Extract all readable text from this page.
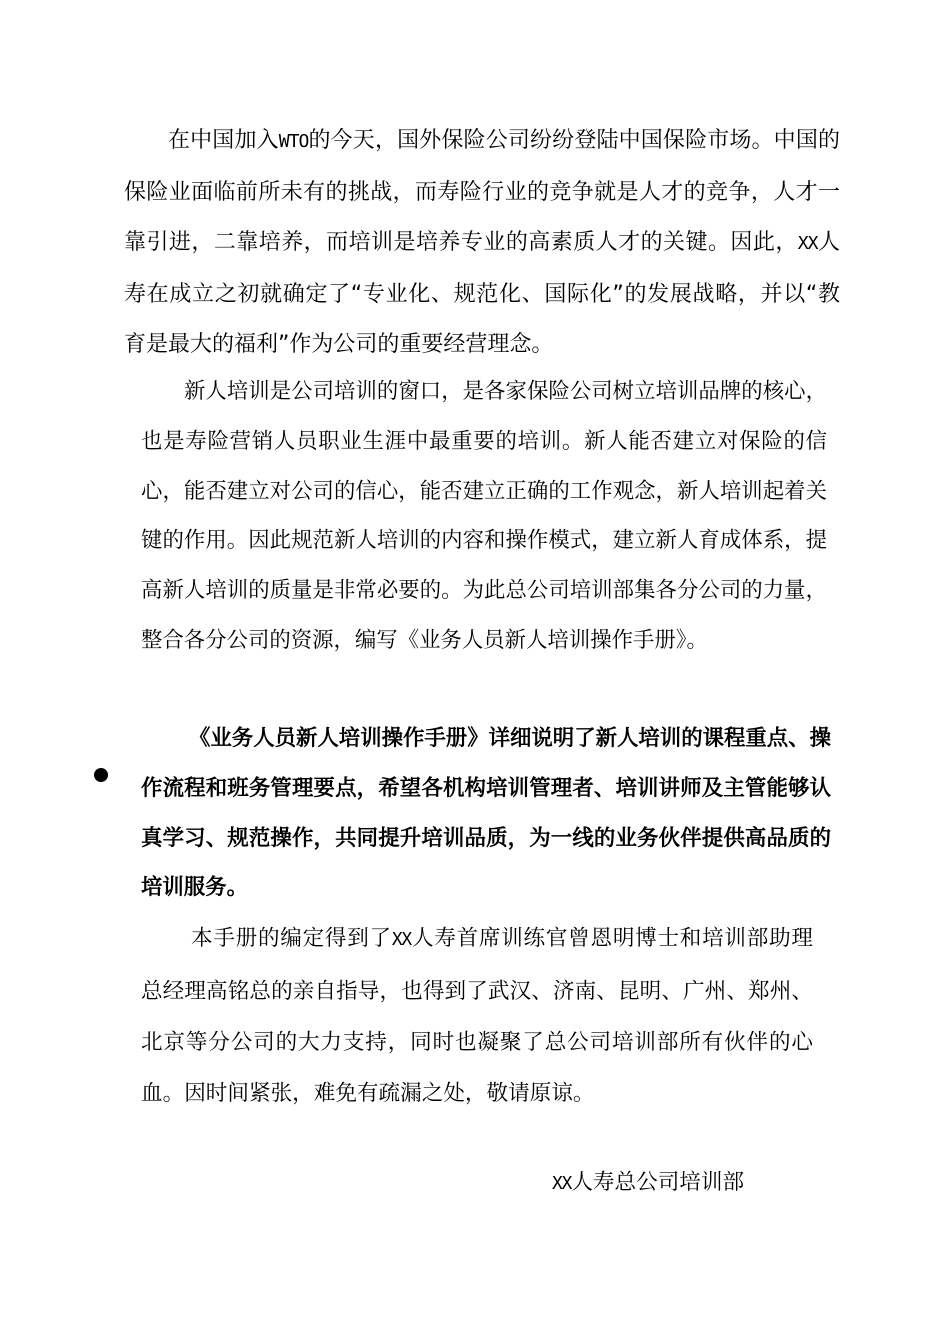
在中国加入WTO的今天，国外保险公司纷纷登陆中国保险市场。中国的保险业面临前所未有的挑战，而寿险行业的竞争就是人才的竞争，人才一靠引进，二靠培养，而培训是培养专业的高素质人才的关键。因此，XX人寿在成立之初就确定了“专业化、规范化、国际化”的发展战略，并以“教育是最大的福利”作为公司的重要经营理念。

新人培训是公司培训的窗口，是各家保险公司树立培训品牌的核心，也是寿险营销人员职业生涯中最重要的培训。新人能否建立对保险的信心，能否建立对公司的信心，能否建立正确的工作观念，新人培训起着关键的作用。因此规范新人培训的内容和操作模式，建立新人育成体系，提高新人培训的质量是非常必要的。为此总公司培训部集各分公司的力量，整合各分公司的资源，编写《业务人员新人培训操作手册》。

《业务人员新人培训操作手册》详细说明了新人培训的课程重点、操作流程和班务管理要点，希望各机构培训管理者、培训讲师及主管能够认真学习、规范操作，共同提升培训品质，为一线的业务伙伴提供高品质的培训服务。

本手册的编定得到了XX人寿首席训练官曾恩明博士和培训部助理总经理高铭总的亲自指导，也得到了武汉、济南、昆明、广州、郑州、北京等分公司的大力支持，同时也凝聚了总公司培训部所有伙伴的心血。因时间紧张，难免有疏漏之处，敬请原谅。

XX人寿总公司培训部
